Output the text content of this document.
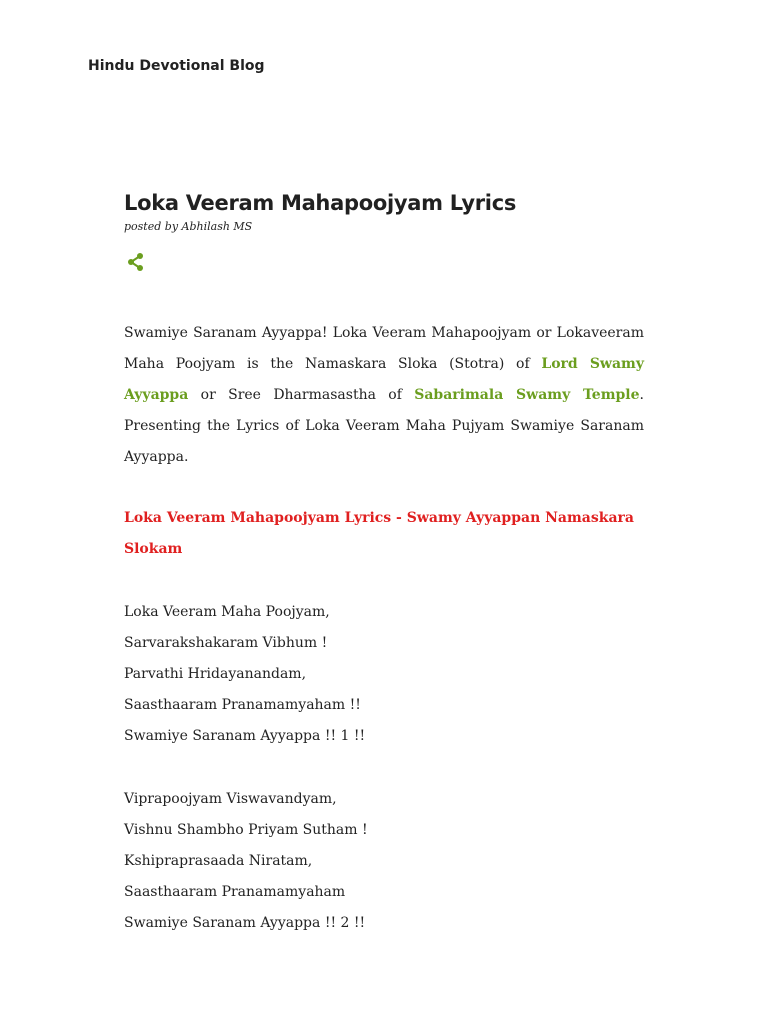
Hindu Devotional Blog
Loka Veeram Mahapoojyam Lyrics

posted by Abhilash MS

Swamiye Saranam Ayyappa! Loka Veeram Mahapoojyam or Lokaveeram Maha Poojyam is the Namaskara Sloka (Stotra) of Lord Swamy Ayyappa or Sree Dharmasastha of Sabarimala Swamy Temple. Presenting the Lyrics of Loka Veeram Maha Pujyam Swamiye Saranam Ayyappa.

Loka Veeram Mahapoojyam Lyrics - Swamy Ayyappan Namaskara Slokam

Loka Veeram Maha Poojyam,
Sarvarakshakaram Vibhum !
Parvathi Hridayanandam,
Saasthaaram Pranamamyaham !!
Swamiye Saranam Ayyappa !! 1 !!
Viprapoojyam Viswavandyam,
Vishnu Shambho Priyam Sutham !
Kshipraprasaada Niratam,
Saasthaaram Pranamamyaham
Swamiye Saranam Ayyappa !! 2 !!
